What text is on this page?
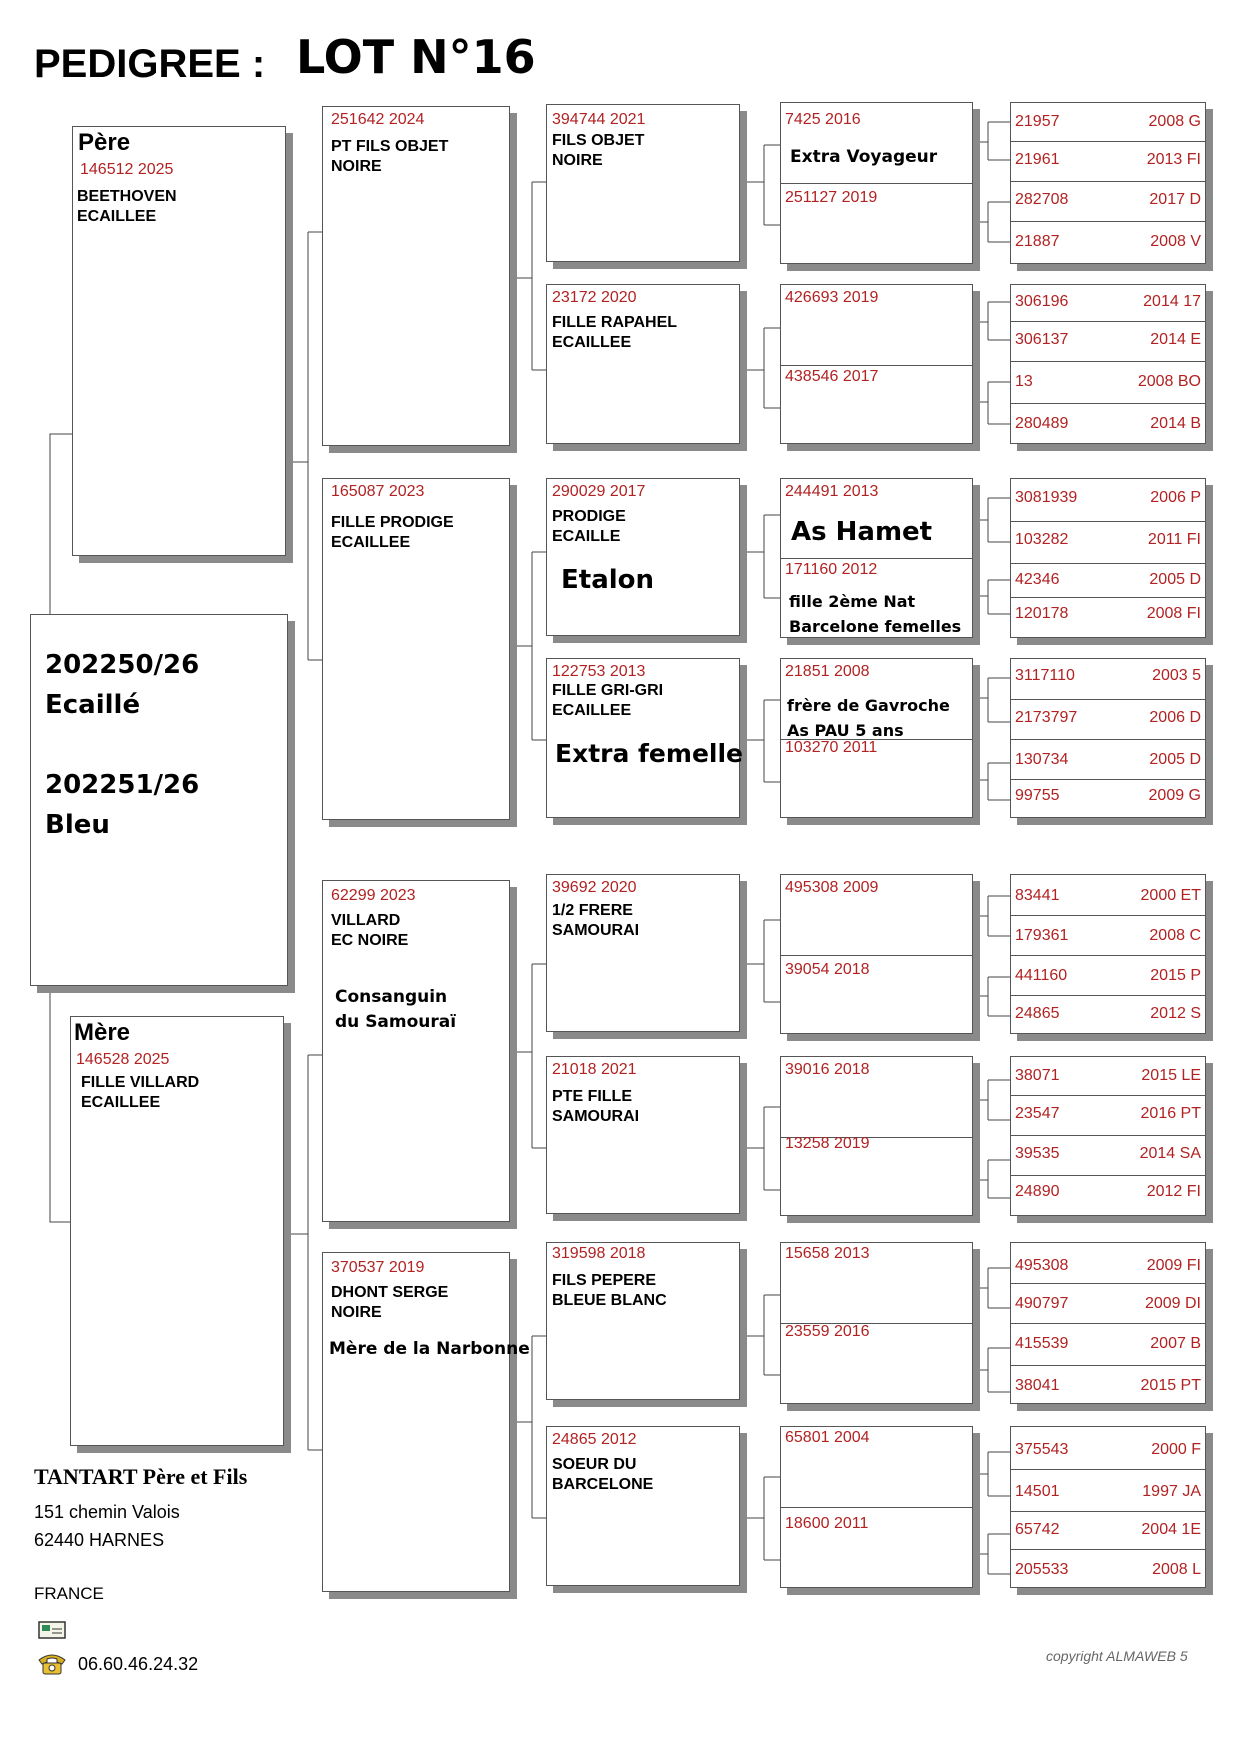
PEDIGREE : LOT N°16
Père
146512 2025
BEETHOVEN
ECAILLEE
202250/26
Ecaillé
202251/26
Bleu
Mère
146528 2025
FILLE VILLARD
ECAILLEE
251642 2024
PT FILS OBJET
NOIRE
165087 2023
FILLE PRODIGE
ECAILLEE
62299 2023
VILLARD
EC NOIRE
Consanguin
du Samouraï
370537 2019
DHONT SERGE
NOIRE
Mère de la Narbonne
394744 2021
FILS OBJET
NOIRE
23172 2020
FILLE RAPAHEL
ECAILLEE
290029 2017
PRODIGE
ECAILLE
Etalon
122753 2013
FILLE GRI-GRI
ECAILLEE
Extra femelle
39692 2020
1/2 FRERE
SAMOURAI
21018 2021
PTE FILLE
SAMOURAI
319598 2018
FILS PEPERE
BLEUE BLANC
24865 2012
SOEUR DU
BARCELONE
7425 2016
Extra Voyageur
251127 2019
426693 2019
438546 2017
244491 2013
As Hamet
171160 2012
fille 2ème Nat
Barcelone femelles
21851 2008
frère de Gavroche
As PAU 5 ans
103270 2011
495308 2009
39054 2018
39016 2018
13258 2019
15658 2013
23559 2016
65801 2004
18600 2011
21957	2008 G
21961	2013 FI
282708	2017 D
21887	2008 V
306196	2014 17
306137	2014 E
13	2008 BO
280489	2014 B
3081939	2006 P
103282	2011 FI
42346	2005 D
120178	2008 FI
3117110	2003 5
2173797	2006 D
130734	2005 D
99755	2009 G
83441	2000 ET
179361	2008 C
441160	2015 P
24865	2012 S
38071	2015 LE
23547	2016 PT
39535	2014 SA
24890	2012 FI
495308	2009 FI
490797	2009 DI
415539	2007 B
38041	2015 PT
375543	2000 F
14501	1997 JA
65742	2004 1E
205533	2008 L
TANTART Père et Fils
151 chemin Valois
62440 HARNES
FRANCE
06.60.46.24.32	copyright ALMAWEB 5
